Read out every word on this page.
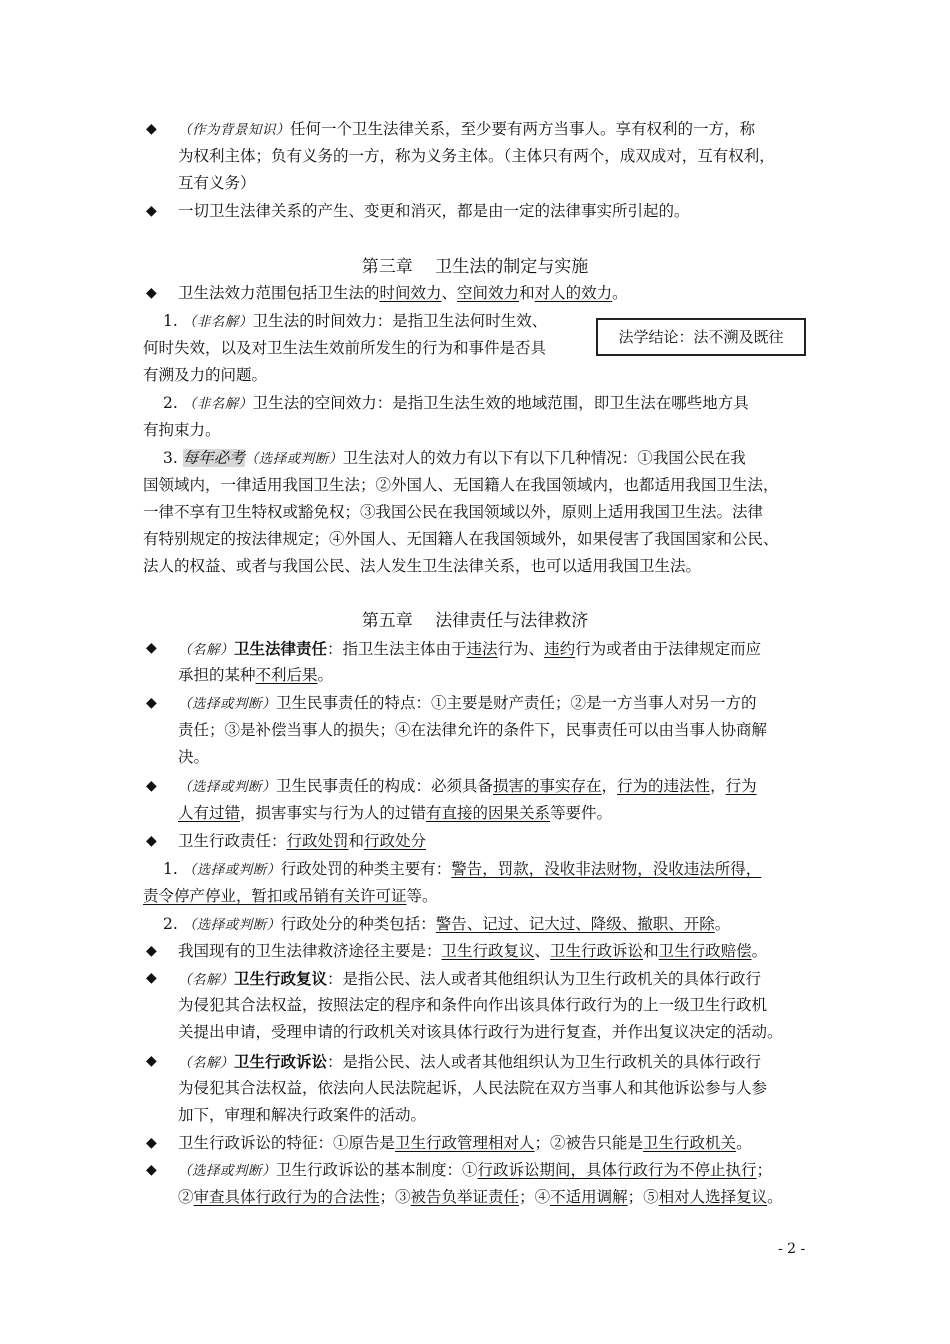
◆ （作为背景知识）任何一个卫生法律关系，至少要有两方当事人。享有权利的一方，称
为权利主体；负有义务的一方，称为义务主体。（主体只有两个，成双成对，互有权利，
互有义务）
◆ 一切卫生法律关系的产生、变更和消灭，都是由一定的法律事实所引起的。
第三章　 卫生法的制定与实施
◆ 卫生法效力范围包括卫生法的时间效力、空间效力和对人的效力。
法学结论：法不溯及既往
1. （非名解）卫生法的时间效力：是指卫生法何时生效、
何时失效，以及对卫生法生效前所发生的行为和事件是否具
有溯及力的问题。
2. （非名解）卫生法的空间效力：是指卫生法生效的地域范围，即卫生法在哪些地方具
有拘束力。
3. 每年必考（选择或判断）卫生法对人的效力有以下有以下几种情况：①我国公民在我
国领域内，一律适用我国卫生法；②外国人、无国籍人在我国领域内，也都适用我国卫生法，
一律不享有卫生特权或豁免权；③我国公民在我国领域以外，原则上适用我国卫生法。法律
有特别规定的按法律规定；④外国人、无国籍人在我国领域外，如果侵害了我国国家和公民、
法人的权益、或者与我国公民、法人发生卫生法律关系，也可以适用我国卫生法。
第五章　 法律责任与法律救济
◆ （名解）卫生法律责任：指卫生法主体由于违法行为、违约行为或者由于法律规定而应
承担的某种不利后果。
◆ （选择或判断）卫生民事责任的特点：①主要是财产责任；②是一方当事人对另一方的
责任；③是补偿当事人的损失；④在法律允许的条件下，民事责任可以由当事人协商解
决。
◆ （选择或判断）卫生民事责任的构成：必须具备损害的事实存在，行为的违法性，行为
人有过错，损害事实与行为人的过错有直接的因果关系等要件。
◆ 卫生行政责任：行政处罚和行政处分
1. （选择或判断）行政处罚的种类主要有：警告，罚款，没收非法财物，没收违法所得，
责令停产停业，暂扣或吊销有关许可证等。
2. （选择或判断）行政处分的种类包括：警告、记过、记大过、降级、撤职、开除。
◆ 我国现有的卫生法律救济途径主要是：卫生行政复议、卫生行政诉讼和卫生行政赔偿。
◆ （名解）卫生行政复议：是指公民、法人或者其他组织认为卫生行政机关的具体行政行
为侵犯其合法权益，按照法定的程序和条件向作出该具体行政行为的上一级卫生行政机
关提出申请，受理申请的行政机关对该具体行政行为进行复查，并作出复议决定的活动。
◆ （名解）卫生行政诉讼：是指公民、法人或者其他组织认为卫生行政机关的具体行政行
为侵犯其合法权益，依法向人民法院起诉，人民法院在双方当事人和其他诉讼参与人参
加下，审理和解决行政案件的活动。
◆ 卫生行政诉讼的特征：①原告是卫生行政管理相对人；②被告只能是卫生行政机关。
◆ （选择或判断）卫生行政诉讼的基本制度：①行政诉讼期间，具体行政行为不停止执行；
②审查具体行政行为的合法性；③被告负举证责任；④不适用调解；⑤相对人选择复议。
- 2 -
